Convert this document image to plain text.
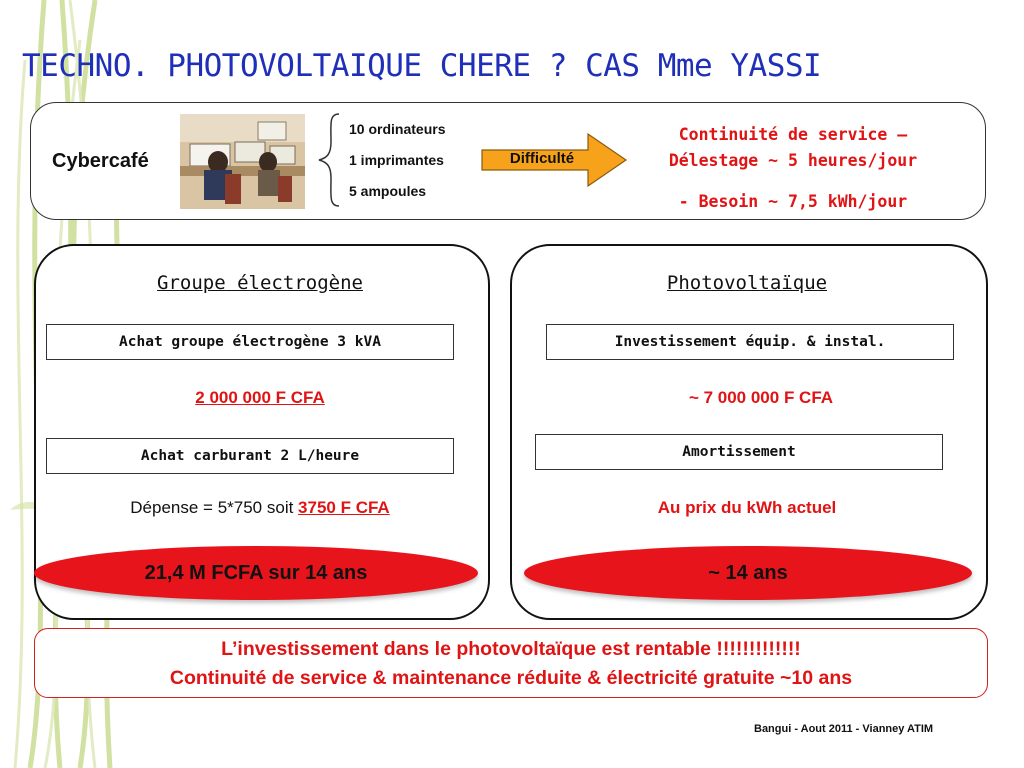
TECHNO. PHOTOVOLTAIQUE CHERE ? CAS Mme YASSI
Cybercafé
10 ordinateurs
1 imprimantes
5 ampoules
Difficulté
Continuité de service –
Délestage ~ 5 heures/jour
- Besoin ~ 7,5 kWh/jour
Groupe électrogène
Achat groupe électrogène 3 kVA
2 000 000 F CFA
Achat carburant 2 L/heure
Dépense = 5*750 soit 3750 F CFA
21,4 M FCFA sur 14 ans
Photovoltaïque
Investissement équip. & instal.
~ 7 000 000 F CFA
Amortissement
Au prix du kWh actuel
~ 14 ans
L’investissement dans le photovoltaïque est rentable !!!!!!!!!!!!!
Continuité de service & maintenance réduite & électricité gratuite ~10 ans
Bangui - Aout 2011 - Vianney ATIM
